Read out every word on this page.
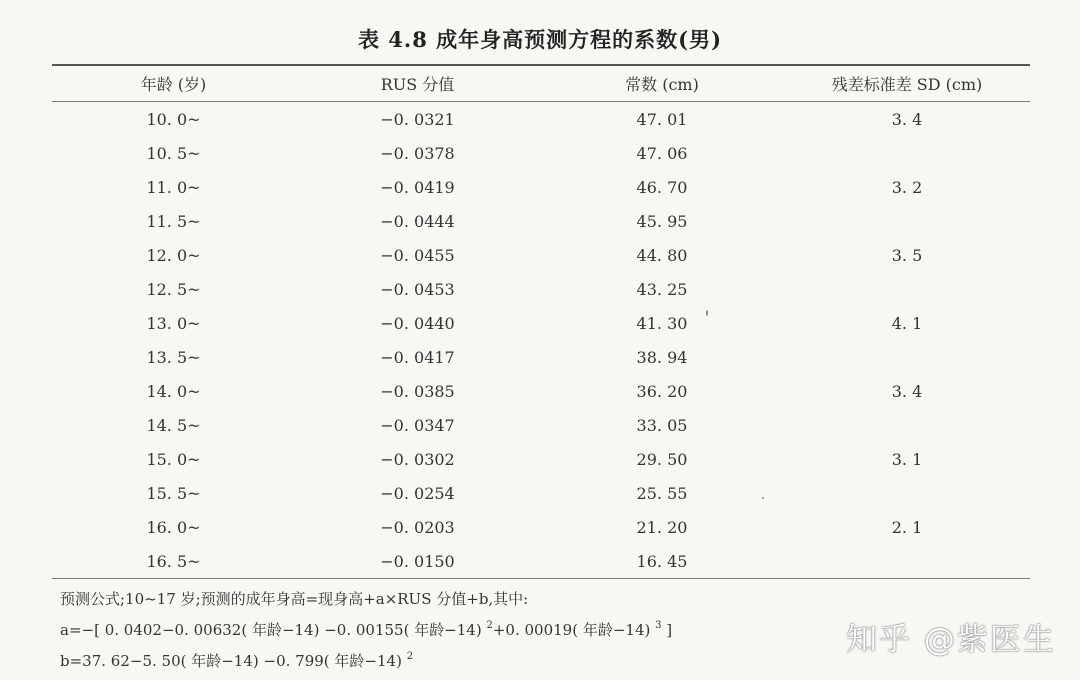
表 4.8 成年身高预测方程的系数(男)
年龄 (岁)	RUS 分值	常数 (cm)	残差标准差 SD (cm)
10. 0~	−0. 0321	47. 01	3. 4
10. 5~	−0. 0378	47. 06	
11. 0~	−0. 0419	46. 70	3. 2
11. 5~	−0. 0444	45. 95	
12. 0~	−0. 0455	44. 80	3. 5
12. 5~	−0. 0453	43. 25	
13. 0~	−0. 0440	41. 30	4. 1
13. 5~	−0. 0417	38. 94	
14. 0~	−0. 0385	36. 20	3. 4
14. 5~	−0. 0347	33. 05	
15. 0~	−0. 0302	29. 50	3. 1
15. 5~	−0. 0254	25. 55	
16. 0~	−0. 0203	21. 20	2. 1
16. 5~	−0. 0150	16. 45	
预测公式;10~17 岁;预测的成年身高=现身高+a×RUS 分值+b,其中:
a=−[ 0. 0402−0. 00632( 年龄−14) −0. 00155( 年龄−14) $^2$+0. 00019( 年龄−14) $^3$ ]
b=37. 62−5. 50( 年龄−14) −0. 799( 年龄−14) $^2$	知乎 @紫医生
